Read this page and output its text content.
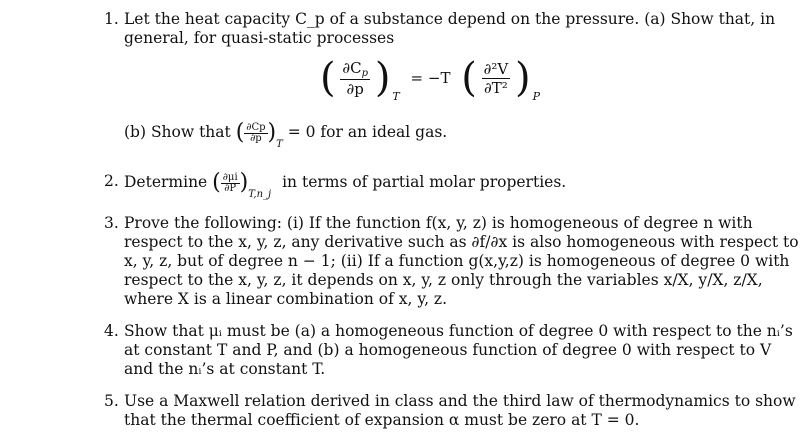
1. Let the heat capacity C_p of a substance depend on the pressure. (a) Show that, in
general, for quasi-static processes
( $\frac{\partial C_p}{\partial p}$ ) $_T$ = −T ( $\frac{\text{∂²V}}{\text{∂T²}}$ ) $_P$
(b) Show that ( $\frac{\partial Cp}{\partial p} )_T = 0$ for an ideal gas.
2. Determine ( $\frac{\partial\mu i}{\partial P} )_{T,n\_j}$ in terms of partial molar properties.
3. Prove the following: (i) If the function f(x, y, z) is homogeneous of degree n with
respect to the x, y, z, any derivative such as ∂f/∂x is also homogeneous with respect to
x, y, z, but of degree n − 1; (ii) If a function g(x,y,z) is homogeneous of degree 0 with
respect to the x, y, z, it depends on x, y, z only through the variables x/X, y/X, z/X,
where X is a linear combination of x, y, z.
4. Show that μᵢ must be (a) a homogeneous function of degree 0 with respect to the nᵢ’s
at constant T and P, and (b) a homogeneous function of degree 0 with respect to V
and the nᵢ’s at constant T.
5. Use a Maxwell relation derived in class and the third law of thermodynamics to show
that the thermal coefficient of expansion α must be zero at T = 0.
